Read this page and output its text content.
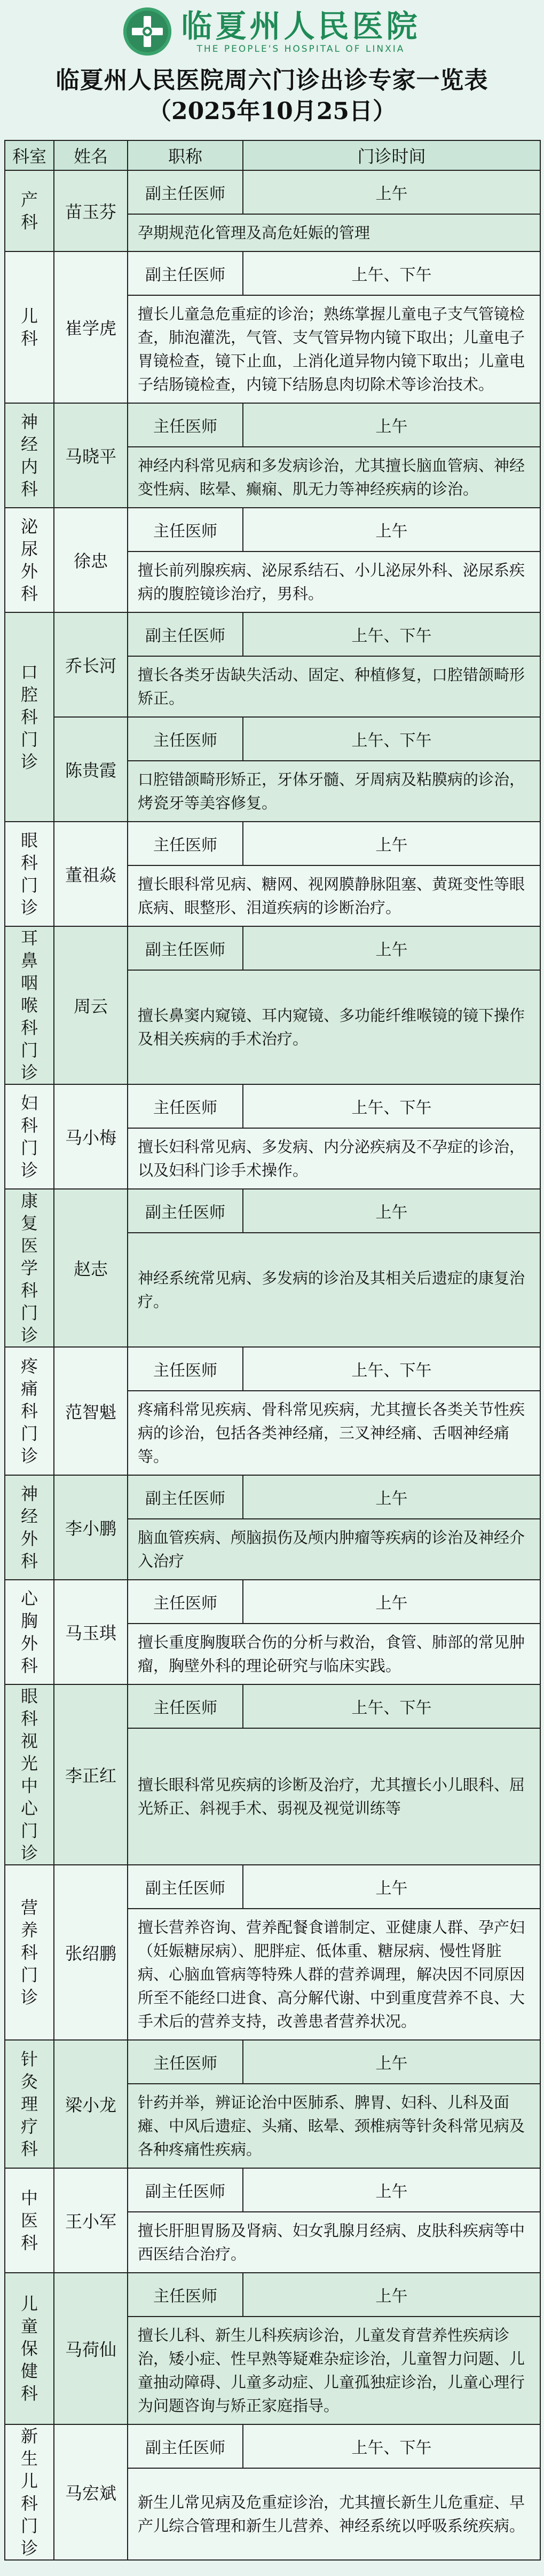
临夏州人民医院
THE PEOPLE'S HOSPITAL OF LINXIA
临夏州人民医院周六门诊出诊专家一览表
（2025年10月25日）
科室	姓名	职称	门诊时间
产科	苗玉芬	副主任医师	上午
		孕期规范化管理及高危妊娠的管理	
儿科	崔学虎	副主任医师	上午、下午
		擅长儿童急危重症的诊治；熟练掌握儿童电子支气管镜检查，肺泡灌洗，气管、支气管异物内镜下取出；儿童电子胃镜检查，镜下止血，上消化道异物内镜下取出；儿童电子结肠镜检查，内镜下结肠息肉切除术等诊治技术。	
神经内科	马晓平	主任医师	上午
		神经内科常见病和多发病诊治，尤其擅长脑血管病、神经变性病、眩晕、癫痫、肌无力等神经疾病的诊治。	
泌尿外科	徐忠	主任医师	上午
		擅长前列腺疾病、泌尿系结石、小儿泌尿外科、泌尿系疾病的腹腔镜诊治疗，男科。	
口腔科门诊	乔长河	副主任医师	上午、下午
		擅长各类牙齿缺失活动、固定、种植修复，口腔错颌畸形矫正。	
	陈贵霞	主任医师	上午、下午
		口腔错颌畸形矫正，牙体牙髓、牙周病及粘膜病的诊治，烤瓷牙等美容修复。	
眼科门诊	董祖焱	主任医师	上午
		擅长眼科常见病、糖网、视网膜静脉阻塞、黄斑变性等眼底病、眼整形、泪道疾病的诊断治疗。	
耳鼻咽喉科门诊	周云	副主任医师	上午
		擅长鼻窦内窥镜、耳内窥镜、多功能纤维喉镜的镜下操作及相关疾病的手术治疗。	
妇科门诊	马小梅	主任医师	上午、下午
		擅长妇科常见病、多发病、内分泌疾病及不孕症的诊治，以及妇科门诊手术操作。	
康复医学科门诊	赵志	副主任医师	上午
		神经系统常见病、多发病的诊治及其相关后遗症的康复治疗。	
疼痛科门诊	范智魁	主任医师	上午、下午
		疼痛科常见疾病、骨科常见疾病，尤其擅长各类关节性疾病的诊治，包括各类神经痛，三叉神经痛、舌咽神经痛等。	
神经外科	李小鹏	副主任医师	上午
		脑血管疾病、颅脑损伤及颅内肿瘤等疾病的诊治及神经介入治疗	
心胸外科	马玉琪	主任医师	上午
		擅长重度胸腹联合伤的分析与救治，食管、肺部的常见肿瘤，胸壁外科的理论研究与临床实践。	
眼科视光中心门诊	李正红	主任医师	上午、下午
		擅长眼科常见疾病的诊断及治疗，尤其擅长小儿眼科、屈光矫正、斜视手术、弱视及视觉训练等	
营养科门诊	张绍鹏	副主任医师	上午
		擅长营养咨询、营养配餐食谱制定、亚健康人群、孕产妇（妊娠糖尿病）、肥胖症、低体重、糖尿病、慢性肾脏病、心脑血管病等特殊人群的营养调理，解决因不同原因所至不能经口进食、高分解代谢、中到重度营养不良、大手术后的营养支持，改善患者营养状况。	
针灸理疗科	梁小龙	主任医师	上午
		针药并举，辨证论治中医肺系、脾胃、妇科、儿科及面瘫、中风后遗症、头痛、眩晕、颈椎病等针灸科常见病及各种疼痛性疾病。	
中医科	王小军	副主任医师	上午
		擅长肝胆胃肠及肾病、妇女乳腺月经病、皮肤科疾病等中西医结合治疗。	
儿童保健科	马荷仙	主任医师	上午
		擅长儿科、新生儿科疾病诊治，儿童发育营养性疾病诊治，矮小症、性早熟等疑难杂症诊治，儿童智力问题、儿童抽动障碍、儿童多动症、儿童孤独症诊治，儿童心理行为问题咨询与矫正家庭指导。	
新生儿科门诊	马宏斌	副主任医师	上午、下午
		新生儿常见病及危重症诊治，尤其擅长新生儿危重症、早产儿综合管理和新生儿营养、神经系统以呼吸系统疾病。	
